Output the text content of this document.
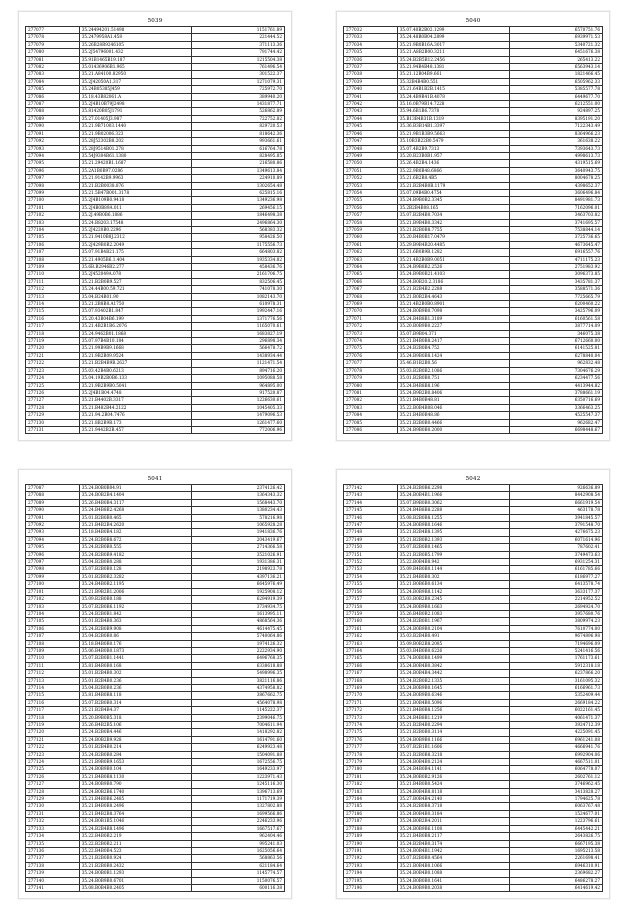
5039
277077	35.24494201.51498	1151761.89
277078	35.2479958A1.458	221444.52
277079	35.26B28R9246105	371113.36
277080	35.2J54796001.432	791744.42
277081	35.91B1465B19.187	1215504.38
277082	35.01436906B1.965	761496.54
277083	35.21.A84100.82950	301522.37
277084	35.2J42050A1.317	1271079.31
277085	35.24B05385J459	725972.70
277086	35.18.43B82061.A	389940.20
277087	35.2J4B10B79J2498	1431877.71
277088	35.81420B05J1791	526862.89
277089	35.27.01405J3.987	722752.82
277090	35.21.9B71003.1440	829720.53
277091	35.21.9B02006.323	818642.36
277092	35.28J52302B8.202	993661.61
277093	35.28J9514B01.278	616764.78
277094	35.54J9304B61.1380	828495.85
277095	35.21.29420B1.1687	216580.86
277096	35.2A1B0B97.0286	1349613.84
277097	35.21.9142B9.9963	224910.89
277098	35.21.B2B0038.876	1302654.48
277099	35.21.5B47B001.3178	625815.16
277100	35.2J4B109B0.9418	1349236.98
277101	35.2J4B0B89A.011	269456.15
277102	35.2J.49B0B6.1886	1846498.38
277103	35.24.B8203.17548	2496864.30
277104	35.2J4220B0.2296	568383.32
277105	35.21.9410B8J.2312	958426.50
277106	35.2J429B0B2.2049	1175556.73
277107	35.07.91B4B21.175	664803.82
277108	35.21.4905B6.1.404	1935334.82
277109	35.6B.B2946B2.277	458436.76
277110	35.2J452049A.078	2161706.75
277111	35.21.B2B0B9.527	832506.45
277112	35.24.44B00.59.721	741078.30
277113	35.04.B24B01.90	1082143.70
277114	35.21.2B8B8.A1750	610978.31
277115	35.07.93402B1.847	1992447.16
277116	35.20.43B04B6.199	1371776.56
277117	35.21.4B2B1B6.2076	1165070.61
277118	35.24.9462B01.1868	1683827.19
277119	35.07.97B4B10.184	296898.34
277120	35.21.99B9B9.1668	566478.72
277121	35.21.9B2B09.9524	1438934.44
277122	35.21.B2B4B9B.2627	1121471.54
277123	35.03.42B4B0.6213	894716.20
277124	35.04.19B2B0B6.133	1095088.58
277125	35.21.9B2B9B0.5041	964895.00
277126	35.2J4B1B04.4748	917520.87
277127	35.21.B4402B.3317	1226630.61
277128	35.21.B482B44.2122	1045405.33
277129	35.21.94.2B04.7476	1479096.53
277130	35.21.8B2B9B.173	1261477.60
277131	35.21.9442B2B.457	772006.96
5040
277032	35.07.40B2B02.1299	6570751.76
277033	35.24.48B0B04.2899	6939971.53
277034	35.21.9B0B16A.3017	5340721.32
277035	35.21.A8B2B00.3211	6451676.38
277036	35.24.B2B5B12.2456	265413.22
277037	35.21.94B4B48.1381	6563943.14
277038	35.21.12B04B9.661	1821466.45
277039	35.32B4B4B0.551	6505962.33
277040	35.21.64B1B2B.1415	5385577.78
277041	35.24.4B9B41B.4078	6449677.70
277042	35.16.0B79B14.7228	6212551.00
277043	35.94.6B1B6.7378	924897.25
277044	35.B13B4B31B.1319	8395191.20
277045	35.36.B3B14B1.3397	7122343.49
277046	35.21.9B1B3B9.5663	8364966.23
277047	35.10B3B22B0.5479	361638.22
277048	35.07.4B2B9.7313	7393643.73
277049	35.20.B23B0B1.957	4998613.73
277050	35.26.4B2B4.1436	4319515.69
277051	35.22.9B0B48.6866	3640943.75
277052	35.21.6B2B8.4B5	8004678.25
277053	35.21.B2B4B0B.1179	4398652.37
277054	35.07.09B4B0.4754	3606496.84
277055	35.24.B9B0B2.3345	8491981.73
277056	35.2B2B4B08.165	7162096.01
277057	35.07.B2B4B0.7034	3463703.82
277058	35.21.B9B4B0.3342	3741695.57
277059	35.21.B2B0B8.7755	7538844.14
277060	35.20.B4B0B17.0479	3725736.65
277061	35.29.B9B4B20.4485	4673645.47
277062	35.21.6B0B9B.1282	6916557.76
277063	35.21.4B2B0B9.0051	4711175.23
277064	35.24.B9B8B2.2526	2751983.92
277065	35.24.B9B0B21.4103	3096373.85
277066	35.24.B0B20.2.3186	3435781.37
277067	35.21.B2B4B2.2288	3588571.36
277068	35.21.B0B2B4.4643	7725665.79
277069	35.21.4B2B0B0.8901	6200460.22
277070	35.24.B0B9B0.7098	3425796.09
277071	35.24.B4B8B1.3189	6160561.58
277072	35.20.B0B9B0.2227	3877714.09
277073	35.07.B9B04.371	346075.38
277074	35.21.B4B0B8.2417	6712660.00
277075	35.24.B2B0B4.752	6141525.81
277076	35.24.B9B0B8.1424	6278840.04
277077	35.46.B1B2B0.56	962832.48
277078	35.03.B2B0B2.1086	7304676.29
277079	35.01.B2B0B0.751	6234477.56
277080	35.24.B4B8B8.196	4413944.82
277081	35.24.B9B2B0.8406	3788661.19
277082	35.21.B4B0B48.81	6350716.69
277083	35.22.B0B4B08.046	3366463.25
277084	35.21.B4B0B48.86	4525547.37
277085	35.21.B2B0B0.4466	962682.47
277086	35.24.B9B0B0.2000	6698448.67
5041
277087	35.24.B0B0B04.91	2374126.42
277088	35.24.B0B2B4.1404	1364343.32
277089	35.26.B4B0B4.3117	1568443.70
277090	35.24.B4B8B2.4268	1380234.43
277091	35.01.B2B0B0.465	578216.98
277092	35.21.B4B2B4.2620	1065928.28
277093	35.18.B4B0B4.182	1941836.76
277094	35.24.B2B0B8.672	2043419.67
277095	35.24.B2B0B0.555	2714366.58
277096	35.24.B2B0B9.4182	3521026.91
277097	35.04.B2B0B0.288	1931386.31
277098	35.07.B2B0B0.128	2198923.78
277099	35.01.B2B0B2.3282	4397136.21
277100	35.24.B4B0B2.1195	6645976.49
277101	35.21.B9B2B1.2006	1925908.12
277102	35.09.B2B0B0.188	6294919.39
277103	35.07.B2B0B6.1192	3734934.75
277104	35.24.B2B0B1.842	1613995.11
277105	35.01.B2B4B0.363	4868564.36
277106	35.24.B2B0B9.908	4614475.45
277107	35.04.B2B0B0.86	5740064.86
277108	35.18.B4B0B0.176	1974126.32
277109	35.06.B4B0B0.1873	2222934.90
277110	35.07.B2B0B1.1441	6496768.35
277111	35.81.B4B0B0.168	6338618.88
277112	35.01.B2B4B0.302	5498996.35
277113	35.01.B2B4B0.236	3821116.86
277114	35.04.B2B0B0.236	4374958.82
277115	35.81.B4B0B8.118	3867662.75
277116	35.07.B2B0B0.314	4564078.98
277117	35.21.B2B4B4.37	1145222.37
277118	35.20.B9B0B5.318	2399046.75
277119	35.26.B4B2B5.106	7004611.94
277120	35.24.B2B0B4.446	1418292.82
277121	35.24.B0B2B9.928	1614791.60
277122	35.01.B2B4B0.214	6249923.48
277123	35.24.B2B0B0.284	1504091.88
277124	35.21.B9B0B9.1653	1672556.75
277125	35.24.B0B9B0.104	1649233.97
277126	35.21.B4B0B8.1130	1223971.43
277127	35.24.B0B9B0.790	1245116.30
277128	35.24.B0B2B6.1740	1396713.69
277129	35.21.B4B0B6.2485	1171719.39
277130	35.21.B4B0B8.2496	1327802.88
277131	35.21.B4B2B8.3764	1699566.86
277132	35.24.B0B1B5.1046	2246233.96
277133	35.24.B2B4B8.1496	1667517.67
277134	35.22.B4B0B2.219	962404.46
277135	35.22.B2B0B2.211	995241.03
277136	35.22.B4B0B4.523	1625056.64
277137	35.21.B2B0B0.924	568863.56
277138	35.21.B2B0B0.2432	621184.64
277139	35.24.B0B0B1.1293	1145774.57
277140	35.24.B0B9B0.6701	1150076.57
277141	35.08.B0B4B0.2405	600116.38
5042
277142	35.24.B2B0B6.2298	926636.89
277143	35.24.B0B4B1.1966	8442908.54
277144	35.07.B9B0B0.3062	6661919.54
277145	35.24.B4B8B8.2288	463178.78
277146	35.08.B2B0B8.1255	3941845.57
277147	35.24.B0B9B0.1646	3791548.70
277148	35.21.B2B4B8.1395	4276675.23
277149	35.21.B2B0B2.1393	6071614.96
277150	35.07.B2B0B0.1465	787602.41
277151	35.21.B2B0B5.1799	3749473.63
277152	35.22.B0B4B8.942	6931254.31
277153	35.09.B4B0B0.1144	6161785.66
277154	35.21.B4B0B0.302	6186977.27
277155	35.21.B0B6B0.6134	6413578.74
277156	35.24.B0B9B8.1142	3633177.37
277157	35.03.B0B2B0.2345	2214952.52
277158	35.24.B0B9B0.1663	2694924.70
277159	35.26.B4B0B2.1083	3957680.76
277160	35.24.B2B0B1.1967	3809974.23
277161	35.24.B0B9B0.2104	7610774.00
277162	35.03.B2B4B0.491	9674896.98
277163	35.09.B0B2B8.2085	7194696.09
277164	35.03.B4B0B0.6226	5241416.56
277165	35.74.B0B0B0.1499	1761173.61
277166	35.24.B0B4B0.3842	5912318.18
277167	35.24.B0B4B4.3442	6237866.20
277168	35.24.B2B0B2.1335	3161095.32
277169	35.24.B0B9B0.1645	6166961.73
277170	35.24.B0B9B0.6346	5352409.44
277171	35.21.B0B4B0.5096	2669184.22
277172	35.21.B4B0B8.1256	6022161.45
277173	35.24.B4B8B1.1219	4061471.37
277174	35.21.B2B4B0.2294	3924712.39
277175	35.21.B2B0B0.3114	4225091.45
277176	35.24.B0B9B0.1166	6961241.08
277177	35.07.B2B1B1.1606	4666941.76
277178	35.21.B2B0B8.3218	6992904.06
277179	35.24.B0B4B0.2124	4667511.01
277180	35.24.B4B0B4.1141	6064778.07
277181	35.24.B0B0B2.9126	2602761.12
277182	35.21.B4B0B0.5424	3746962.45
277183	35.24.B0B4B8.8118	3413828.27
277184	35.27.B0B4B4.2140	1794625.78
277185	35.24.B2B0B8.3718	6063767.48
277186	35.24.B0B4B0.3184	1524677.01
277187	35.24.B0B2B4.2011	1223796.61
277188	35.24.B0B9B6.1108	6445442.21
277189	35.21.B4B0B8.2117	2643826.75
277190	35.24.B2B4B0.3174	6667195.38
277191	35.24.B0B4B1.1942	1695213.58
277192	35.07.B2B0B0.4564	2261698.41
277193	35.21.B0B4B0.1066	6946310.91
277194	35.24.B0B4B0.1088	2369682.27
277195	35.24.B0B0B0.1641	6486278.27
277196	35.24.B0B9B0.2038	6414619.42
